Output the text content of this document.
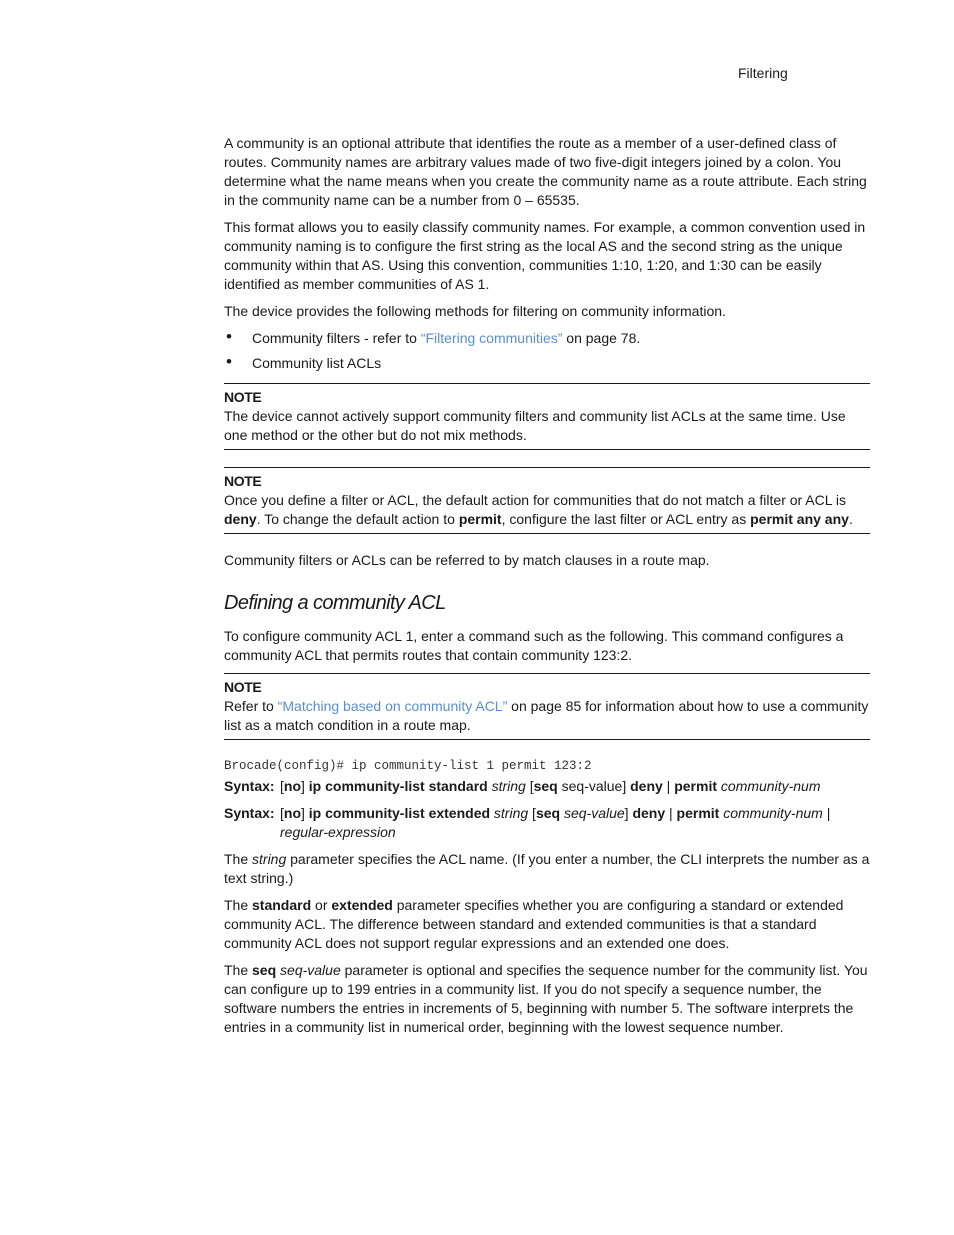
Filtering

A community is an optional attribute that identifies the route as a member of a user-defined class of routes. Community names are arbitrary values made of two five-digit integers joined by a colon. You determine what the name means when you create the community name as a route attribute. Each string in the community name can be a number from 0 – 65535.

This format allows you to easily classify community names. For example, a common convention used in community naming is to configure the first string as the local AS and the second string as the unique community within that AS. Using this convention, communities 1:10, 1:20, and 1:30 can be easily identified as member communities of AS 1.

The device provides the following methods for filtering on community information.

• Community filters - refer to “Filtering communities” on page 78.
• Community list ACLs
NOTE

The device cannot actively support community filters and community list ACLs at the same time. Use one method or the other but do not mix methods.

NOTE

Once you define a filter or ACL, the default action for communities that do not match a filter or ACL is deny. To change the default action to permit, configure the last filter or ACL entry as permit any any.

Community filters or ACLs can be referred to by match clauses in a route map.

Defining a community ACL

To configure community ACL 1, enter a command such as the following. This command configures a community ACL that permits routes that contain community 123:2.

NOTE

Refer to “Matching based on community ACL” on page 85 for information about how to use a community list as a match condition in a route map.

Brocade(config)# ip community-list 1 permit 123:2
Syntax: [no] ip community-list standard string [seq seq-value] deny | permit community-num
Syntax: [no] ip community-list extended string [seq seq-value] deny | permit community-num | regular-expression

The string parameter specifies the ACL name. (If you enter a number, the CLI interprets the number as a text string.)

The standard or extended parameter specifies whether you are configuring a standard or extended community ACL. The difference between standard and extended communities is that a standard community ACL does not support regular expressions and an extended one does.

The seq seq-value parameter is optional and specifies the sequence number for the community list. You can configure up to 199 entries in a community list. If you do not specify a sequence number, the software numbers the entries in increments of 5, beginning with number 5. The software interprets the entries in a community list in numerical order, beginning with the lowest sequence number.
